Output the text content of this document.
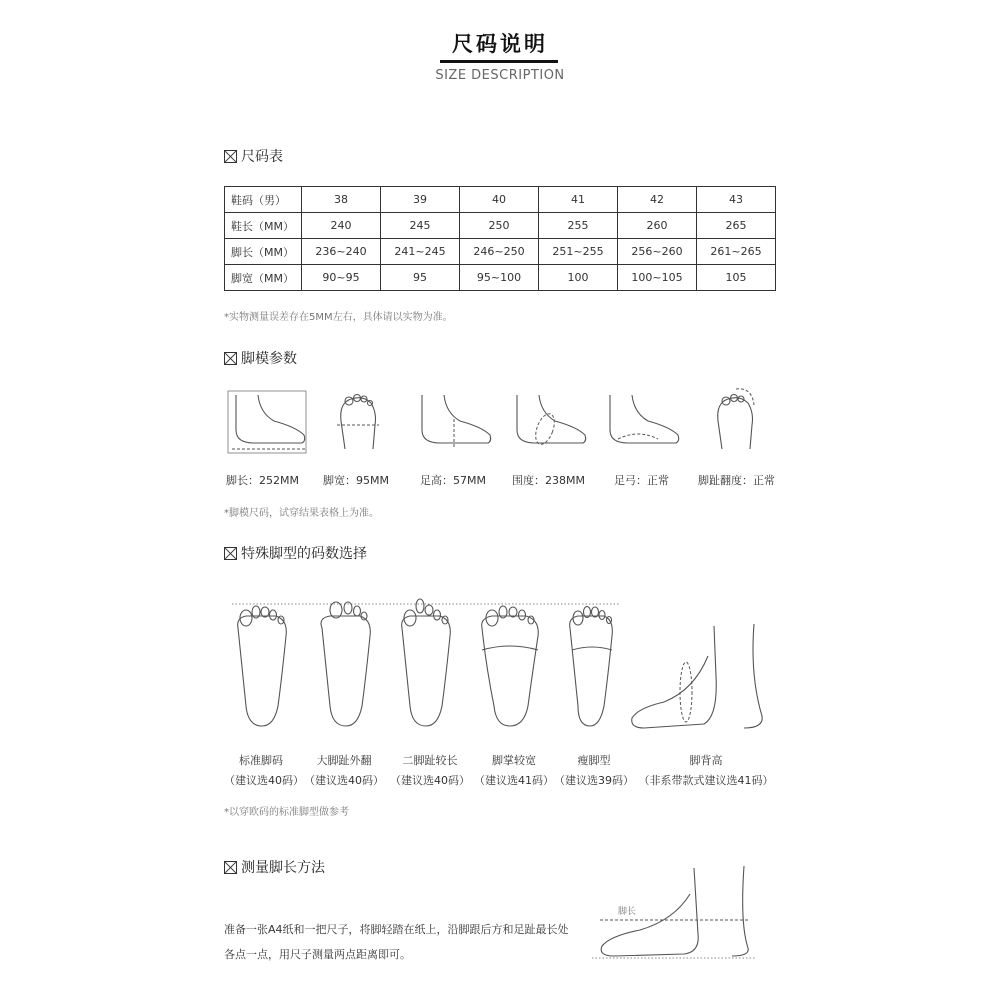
尺码说明
SIZE DESCRIPTION
尺码表
鞋码（男）	38	39	40	41	42	43
鞋长（MM）	240	245	250	255	260	265
脚长（MM）	236~240	241~245	246~250	251~255	256~260	261~265
脚宽（MM）	90~95	95	95~100	100	100~105	105
*实物测量误差存在5MM左右，具体请以实物为准。
脚模参数
脚长：252MM 脚宽：95MM	足高：57MM 围度：238MM	足弓：正常	脚趾翻度：正常
*脚模尺码，试穿结果表格上为准。
特殊脚型的码数选择
标准脚码
（建议选40码）
大脚趾外翻
（建议选40码）
二脚趾较长
（建议选40码）
脚掌较宽
（建议选41码）
瘦脚型
（建议选39码）
脚背高
（非系带款式建议选41码）
*以穿欧码的标准脚型做参考
测量脚长方法
准备一张A4纸和一把尺子，将脚轻踏在纸上，沿脚跟后方和足趾最长处各点一点，用尺子测量两点距离即可。
脚长
